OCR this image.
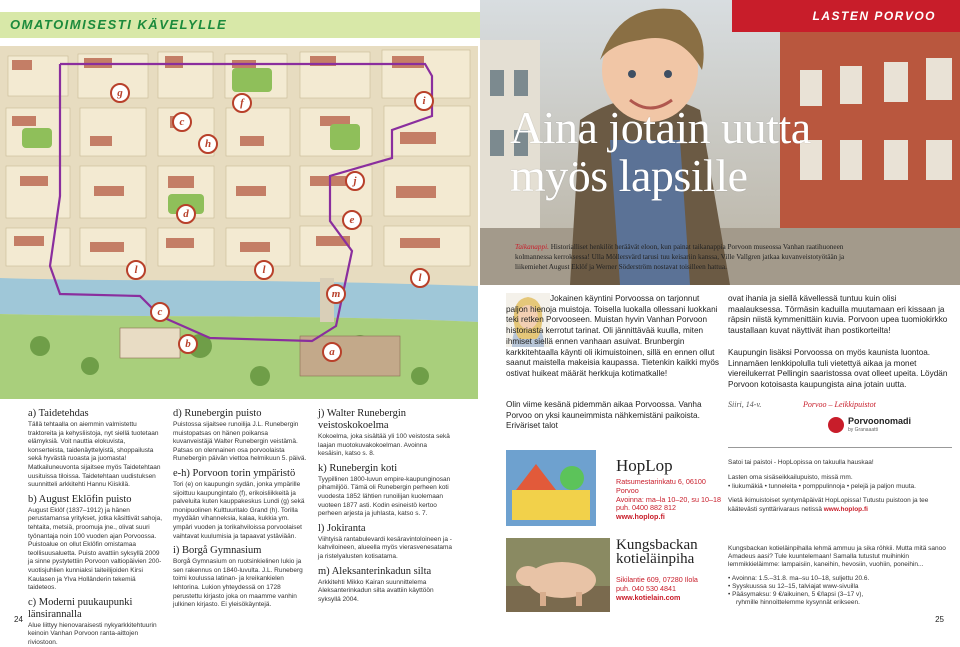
OMATOIMISESTI KÄVELYLLE
g
f	i
c
h
d
j
e
l	l
l
c
m
b
a
a) Taidetehdas

Tällä tehtaalla on aiemmin valmistettu traktoreita ja kehysliistoja, nyt siellä tuotetaan elämyksiä. Voit nauttia elokuvista, konserteista, taidenäyttelyistä, shoppailusta sekä hyvästä ruoasta ja juomasta! Matkailuneuvonta sijaitsee myös Taidetehtaan uusituissa tiloissa. Taidetehtaan uudistuksen suunnitteli arkkitehti Hannu Kiiskilä.

b) August Eklöfin puisto

August Eklöf (1837–1912) ja hänen perustamansa yritykset, jotka käsittivät sahoja, tehtaita, metsiä, proomuja jne., olivat suuri työnantaja noin 100 vuoden ajan Porvoossa. Puistoalue on ollut Eklöfin omistamaa teollisuusaluetta. Puisto avattiin syksyllä 2009 ja sinne pystytettiin Porvoon valtiopäivien 200-vuotisjuhlien kunniaksi taiteilijoiden Kirsi Kaulasen ja Ylva Holländerin tekemiä taideteos.

c) Moderni puukaupunki länsirannalla

Alue liittyy hienovaraisesti nykyarkkitehtuurin keinoin Vanhan Porvoon ranta-aittojen riviostoon.

d) Runebergin puisto

Puistossa sijaitsee runoilija J.L. Runebergin muistopatsas on hänen poikansa kuvanveistäjä Walter Runebergin veistämä. Patsas on olennainen osa porvoolaista Runebergin päivän viettoa helmikuun 5. päivä.

e-h) Porvoon torin ympäristö

Tori (e) on kaupungin sydän, jonka ympärille sijoittuu kaupungintalo (f), erikoisliikkeitä ja palveluita kuten kauppakeskus Lundi (g) sekä monipuolinen Kulttuuritalo Grand (h). Torilla myydään vihanneksia, kalaa, kukkia ym. ympäri vuoden ja torikahviloissa porvoolaiset vaihtavat kuulumisia ja tapaavat ystäviään.

i) Borgå Gymnasium

Borgå Gymnasium on ruotsinkielinen lukio ja sen rakennus on 1840-luvulta. J.L. Runeberg toimi koulussa latinan- ja kreikankielen lehtorina. Lukion yhteydessä on 1728 perustettu kirjasto joka on maamme vanhin julkinen kirjasto. Ei yleisökäyntejä.

j) Walter Runebergin veistoskokoelma

Kokoelma, joka sisältää yli 100 veistosta sekä laajan muotokuvakokoelman. Avoinna kesäisin, katso s. 8.

k) Runebergin koti

Tyypillinen 1800-luvun empire-kaupunginosan pihamiljöö. Tämä oli Runebergin perheen koti vuodesta 1852 lähtien runoilijan kuolemaan vuoteen 1877 asti. Kodin esineistö kertoo perheen arjesta ja juhlasta, katso s. 7.

l) Jokiranta

Viihtyisä rantabulevardi kesäravintoloineen ja -kahviloineen, alueella myös vierasvenesatama ja ristelyalusten kotisatama.

m) Aleksanterinkadun silta

Arkkitehti Mikko Kairan suunnittelema Aleksanterinkadun silta avattiin käyttöön syksyllä 2004.

24
LASTEN PORVOO
Aina jotain uutta
myös lapsille
Taikanappi. Historialliset henkilöt heräävät eloon, kun painat taikanappia Porvoon museossa Vanhan raatihuoneen kolmannessa kerroksessa! Ulla Möllersvärd tarusi tuu keisariin kanssa, Ville Vallgren jatkaa kuvanveistotyötään ja liikemiehet August Eklöf ja Werner Söderström nostavat toisilleen hattua.
Jokainen käyntini Porvoossa on tarjonnut paljon hienoja muistoja. Toisella luokalla ollessani luokkani teki retken Porvooseen. Muistan hyvin Vanhan Porvoon historiasta kerrotut tarinat. Oli jännittävää kuulla, miten ihmiset siellä ennen vanhaan asuivat. Brunbergin karkkitehtaalla käynti oli ikimuistoinen, sillä en ennen ollut saanut maistella makeisia kaupassa. Tietenkin kaikki myös ostivat huikeat määrät herkkuja kotimatkalle!
Olin viime kesänä pidemmän aikaa Porvoossa. Vanha Porvoo on yksi kauneimmista nähkemistäni paikoista. Eriväriset talot
ovat ihania ja siellä kävellessä tuntuu kuin olisi maalauksessa. Törmäsin kaduilla muutamaan eri kissaan ja räpsin niistä kymmenittäin kuvia. Porvoon upea tuomiokirkko taustallaan kuvat näyttivät ihan postikorteilta!
Kaupungin lisäksi Porvoossa on myös kaunista luontoa. Linnamäen lenkkipolulla tuli vietettyä aikaa ja monet viereilukerrat Pellingin saaristossa ovat olleet upeita. Löydän Porvoon kotoisasta kaupungista aina jotain uutta.
Siiri, 14-v.	Porvoo – Leikkipuistot
Porvoonomadi
by Granaaatti
HopLop
Ratsumestarinkatu 6, 06100 Porvoo
Avoinna: ma–la 10–20, su 10–18
puh. 0400 882 812
www.hoplop.fi
Satoi tai paistoi - HopLopissa on takuulla hauskaa!
Lasten oma sisäseikkailupuisto, missä mm.
• liukumäkiä • tunneleita • pomppulinnoja • pelejä ja paljon muuta.
Vietä ikimuistoiset syntymäpäivät HopLopissa! Tutustu puistoon ja tee käätevästi synttärivaraus netissä www.hoplop.fi
Kungsbackan
kotieläinpiha
Sikilantie 609, 07280 Ilola
puh. 040 530 4841
www.kotielain.com
Kungsbackan kotieläinpihalla lehmä ammuu ja sika röhkii. Mutta mitä sanoo Amadeus aasi? Tule kuuntelemaan! Samalla tutustut muihinkin lemmikkieläimme: lampaisiin, kaneihin, hevosiin, vuohiin, poneihin...
• Avoinna: 1.5.–31.8. ma–su 10–18, suljettu 20.6.
• Syyskuussa su 12–15, talviajat www-sivuilla
• Pääsymaksu: 9 €/aikuinen, 5 €/lapsi (3–17 v),
ryhmille hinnoittelemme kysynnät erikseen.
25
